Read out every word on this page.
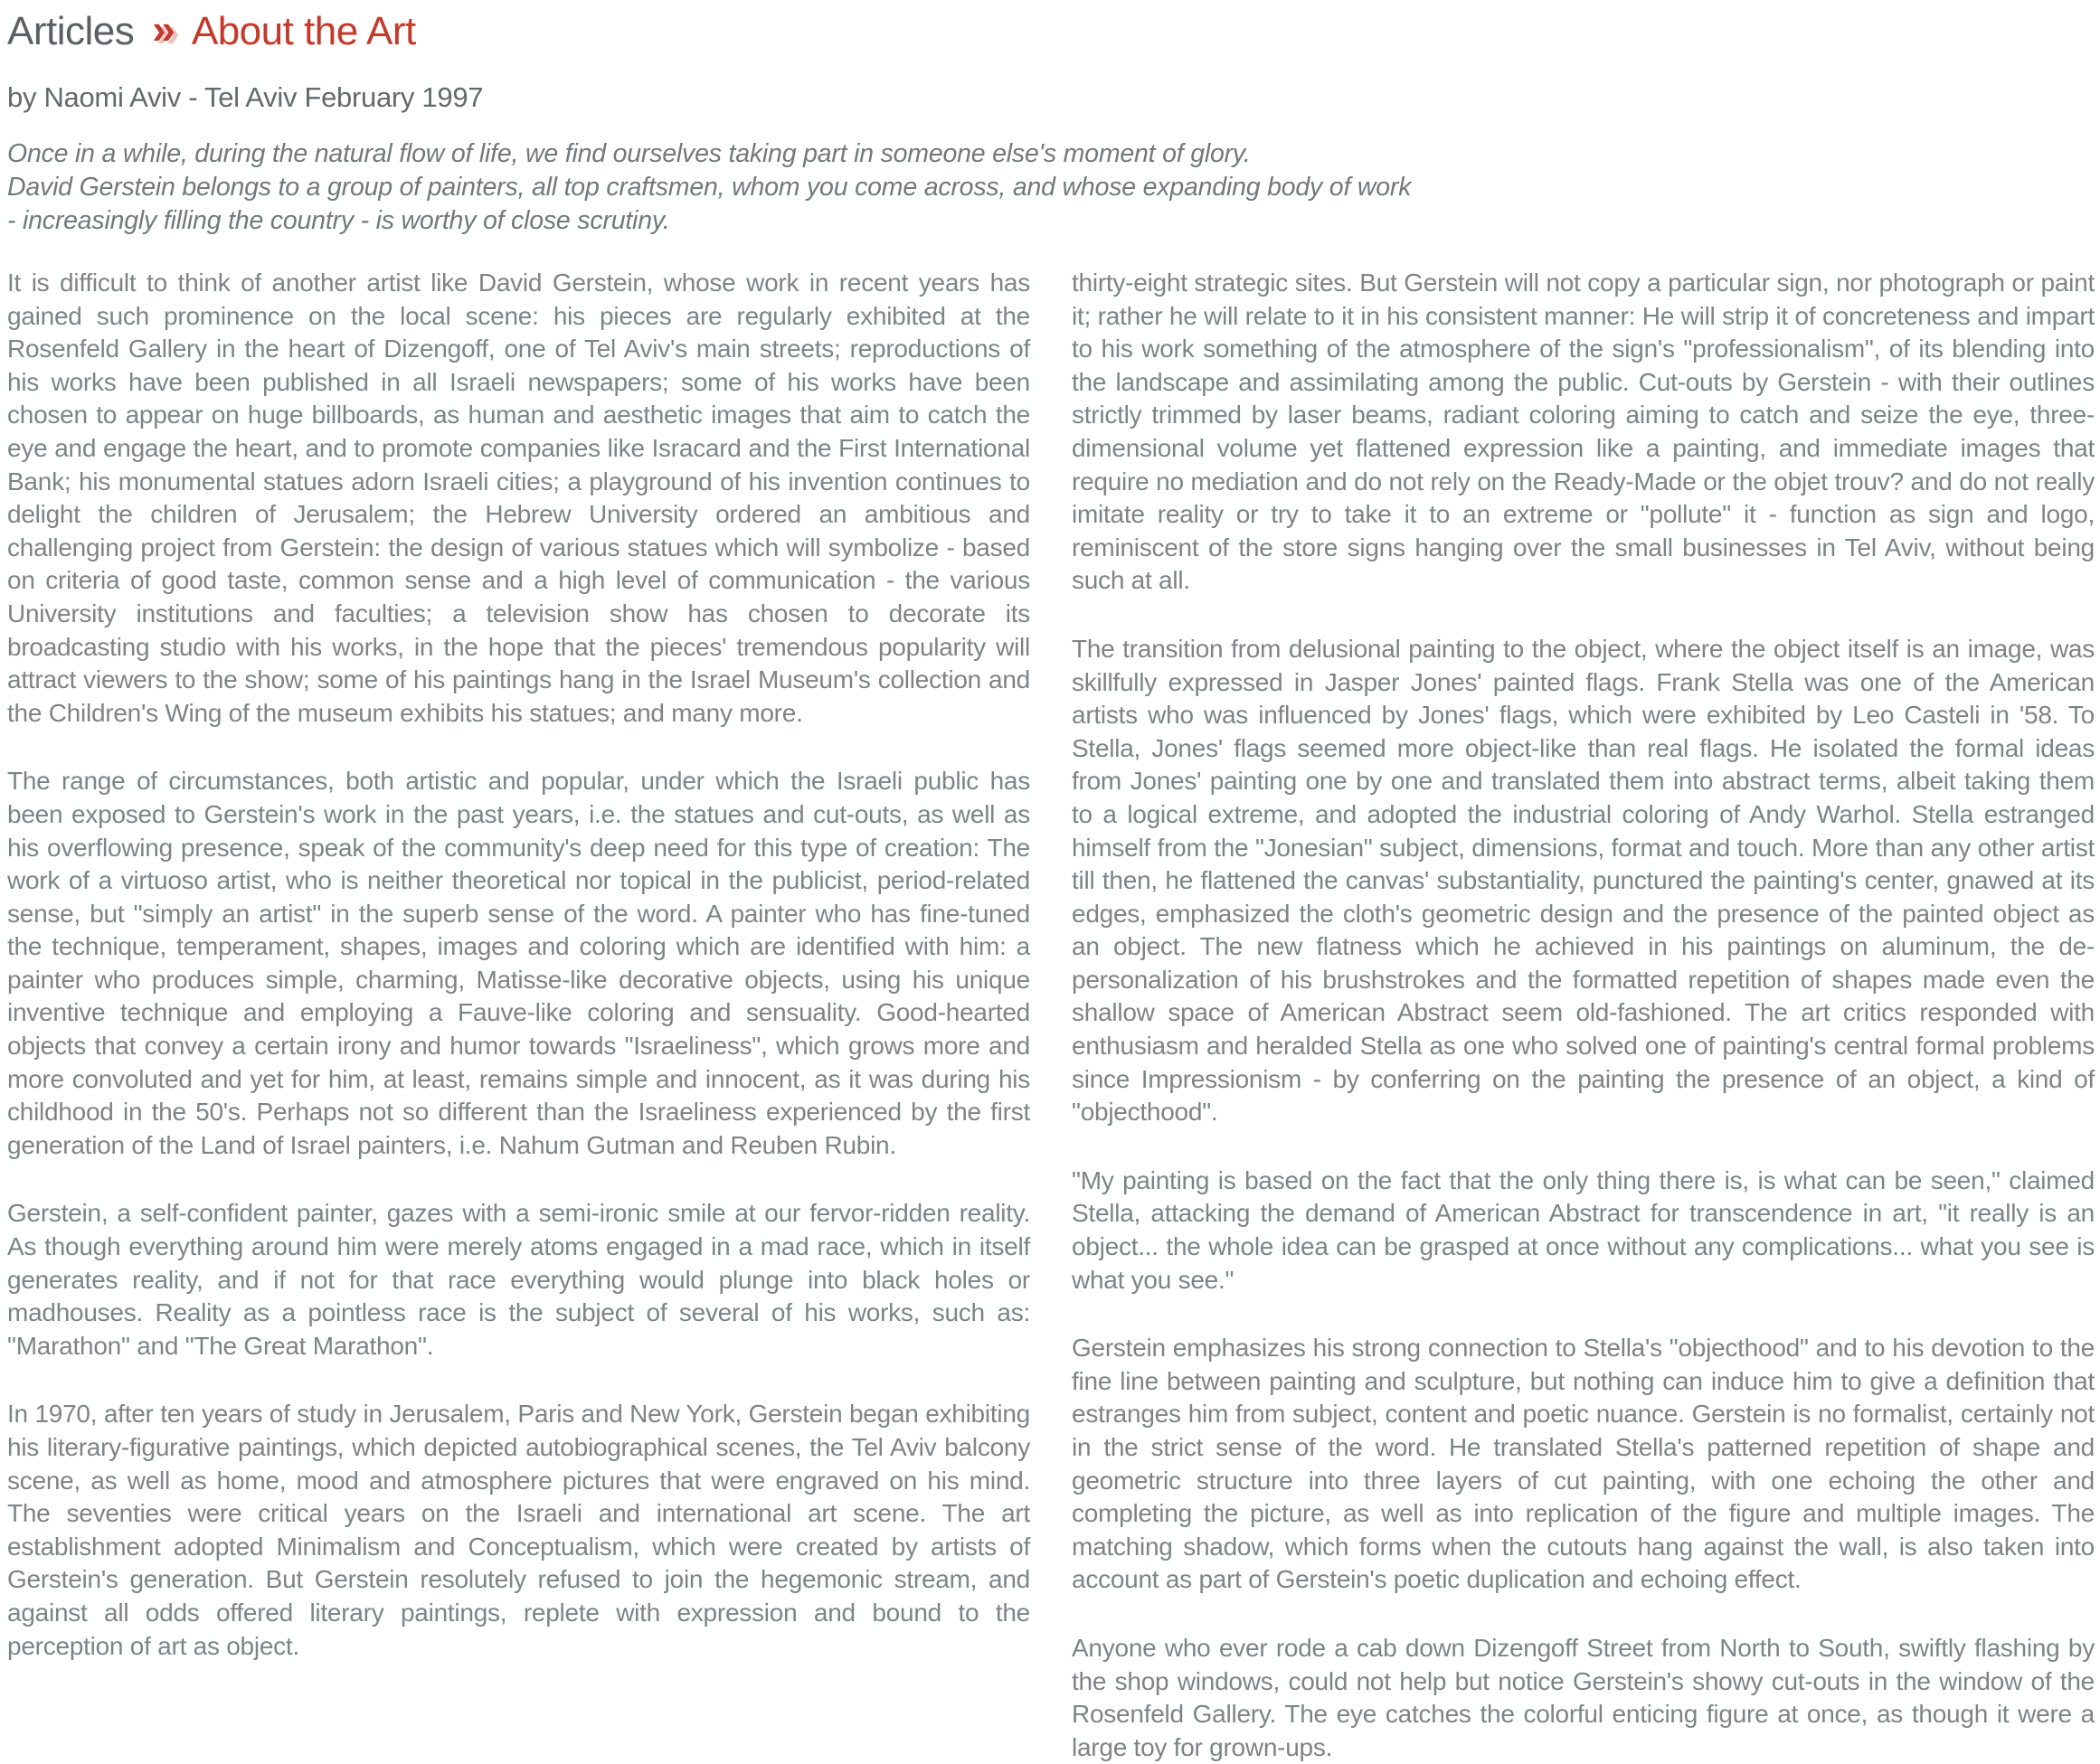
Articles » About the Art
by Naomi Aviv - Tel Aviv February 1997
Once in a while, during the natural flow of life, we find ourselves taking part in someone else's moment of glory.
David Gerstein belongs to a group of painters, all top craftsmen, whom you come across, and whose expanding body of work
- increasingly filling the country - is worthy of close scrutiny.

It is difficult to think of another artist like David Gerstein, whose work in recent years has gained such prominence on the local scene: his pieces are regularly exhibited at the Rosenfeld Gallery in the heart of Dizengoff, one of Tel Aviv's main streets; reproductions of his works have been published in all Israeli newspapers; some of his works have been chosen to appear on huge billboards, as human and aesthetic images that aim to catch the eye and engage the heart, and to promote companies like Isracard and the First International Bank; his monumental statues adorn Israeli cities; a playground of his invention continues to delight the children of Jerusalem; the Hebrew University ordered an ambitious and challenging project from Gerstein: the design of various statues which will symbolize - based on criteria of good taste, common sense and a high level of communication - the various University institutions and faculties; a television show has chosen to decorate its broadcasting studio with his works, in the hope that the pieces' tremendous popularity will attract viewers to the show; some of his paintings hang in the Israel Museum's collection and the Children's Wing of the museum exhibits his statues; and many more.

The range of circumstances, both artistic and popular, under which the Israeli public has been exposed to Gerstein's work in the past years, i.e. the statues and cut-outs, as well as his overflowing presence, speak of the community's deep need for this type of creation: The work of a virtuoso artist, who is neither theoretical nor topical in the publicist, period-related sense, but "simply an artist" in the superb sense of the word. A painter who has fine-tuned the technique, temperament, shapes, images and coloring which are identified with him: a painter who produces simple, charming, Matisse-like decorative objects, using his unique inventive technique and employing a Fauve-like coloring and sensuality. Good-hearted objects that convey a certain irony and humor towards "Israeliness", which grows more and more convoluted and yet for him, at least, remains simple and innocent, as it was during his childhood in the 50's. Perhaps not so different than the Israeliness experienced by the first generation of the Land of Israel painters, i.e. Nahum Gutman and Reuben Rubin.

Gerstein, a self-confident painter, gazes with a semi-ironic smile at our fervor-ridden reality. As though everything around him were merely atoms engaged in a mad race, which in itself generates reality, and if not for that race everything would plunge into black holes or madhouses. Reality as a pointless race is the subject of several of his works, such as: "Marathon" and "The Great Marathon".

In 1970, after ten years of study in Jerusalem, Paris and New York, Gerstein began exhibiting his literary-figurative paintings, which depicted autobiographical scenes, the Tel Aviv balcony scene, as well as home, mood and atmosphere pictures that were engraved on his mind. The seventies were critical years on the Israeli and international art scene. The art establishment adopted Minimalism and Conceptualism, which were created by artists of Gerstein's generation. But Gerstein resolutely refused to join the hegemonic stream, and against all odds offered literary paintings, replete with expression and bound to the perception of art as object.

thirty-eight strategic sites. But Gerstein will not copy a particular sign, nor photograph or paint it; rather he will relate to it in his consistent manner: He will strip it of concreteness and impart to his work something of the atmosphere of the sign's "professionalism", of its blending into the landscape and assimilating among the public. Cut-outs by Gerstein - with their outlines strictly trimmed by laser beams, radiant coloring aiming to catch and seize the eye, three-dimensional volume yet flattened expression like a painting, and immediate images that require no mediation and do not rely on the Ready-Made or the objet trouv? and do not really imitate reality or try to take it to an extreme or "pollute" it - function as sign and logo, reminiscent of the store signs hanging over the small businesses in Tel Aviv, without being such at all.

The transition from delusional painting to the object, where the object itself is an image, was skillfully expressed in Jasper Jones' painted flags. Frank Stella was one of the American artists who was influenced by Jones' flags, which were exhibited by Leo Casteli in '58. To Stella, Jones' flags seemed more object-like than real flags. He isolated the formal ideas from Jones' painting one by one and translated them into abstract terms, albeit taking them to a logical extreme, and adopted the industrial coloring of Andy Warhol. Stella estranged himself from the "Jonesian" subject, dimensions, format and touch. More than any other artist till then, he flattened the canvas' substantiality, punctured the painting's center, gnawed at its edges, emphasized the cloth's geometric design and the presence of the painted object as an object. The new flatness which he achieved in his paintings on aluminum, the de-personalization of his brushstrokes and the formatted repetition of shapes made even the shallow space of American Abstract seem old-fashioned. The art critics responded with enthusiasm and heralded Stella as one who solved one of painting's central formal problems since Impressionism - by conferring on the painting the presence of an object, a kind of "objecthood".

"My painting is based on the fact that the only thing there is, is what can be seen," claimed Stella, attacking the demand of American Abstract for transcendence in art, "it really is an object... the whole idea can be grasped at once without any complications... what you see is what you see."

Gerstein emphasizes his strong connection to Stella's "objecthood" and to his devotion to the fine line between painting and sculpture, but nothing can induce him to give a definition that estranges him from subject, content and poetic nuance. Gerstein is no formalist, certainly not in the strict sense of the word. He translated Stella's patterned repetition of shape and geometric structure into three layers of cut painting, with one echoing the other and completing the picture, as well as into replication of the figure and multiple images. The matching shadow, which forms when the cutouts hang against the wall, is also taken into account as part of Gerstein's poetic duplication and echoing effect.

Anyone who ever rode a cab down Dizengoff Street from North to South, swiftly flashing by the shop windows, could not help but notice Gerstein's showy cut-outs in the window of the Rosenfeld Gallery. The eye catches the colorful enticing figure at once, as though it were a large toy for grown-ups.
